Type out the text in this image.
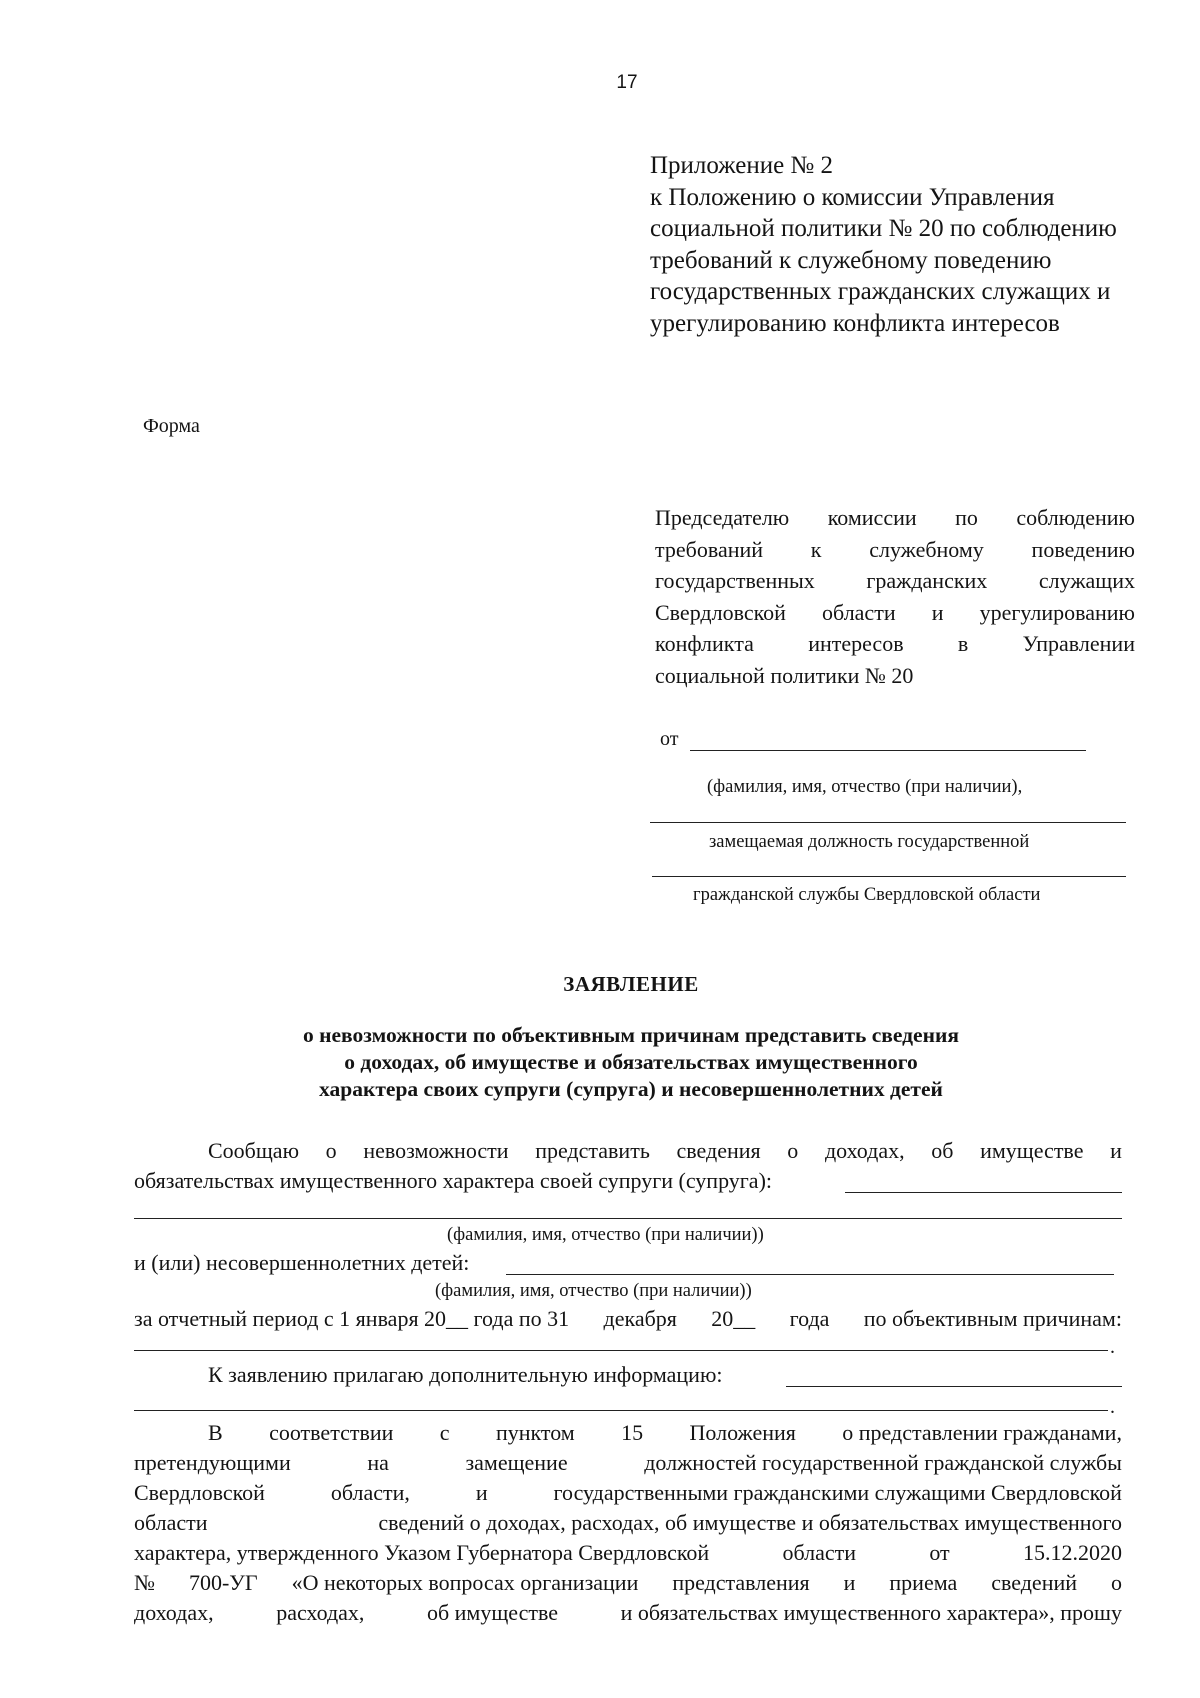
17
Приложение № 2
к Положению о комиссии Управления
социальной политики № 20 по соблюдению
требований к служебному поведению
государственных гражданских служащих и
урегулированию конфликта интересов
Форма
Председателю комиссии по соблюдению
требований к служебному поведению
государственных гражданских служащих
Свердловской области и урегулированию
конфликта интересов в Управлении
социальной политики № 20
от
(фамилия, имя, отчество (при наличии),
замещаемая должность государственной
гражданской службы Свердловской области
ЗАЯВЛЕНИЕ
о невозможности по объективным причинам представить сведения
о доходах, об имуществе и обязательствах имущественного
характера своих супруги (супруга) и несовершеннолетних детей
Сообщаю о невозможности представить сведения о доходах, об имуществе и
обязательствах имущественного характера своей супруги (супруга):
(фамилия, имя, отчество (при наличии))
и (или) несовершеннолетних детей:
(фамилия, имя, отчество (при наличии))
за отчетный период с 1 января 20__ года по 31 декабря 20__ года по объективным причинам:
.
К заявлению прилагаю дополнительную информацию:
.
В соответствии с пунктом 15 Положения о представлении гражданами,
претендующими	на	замещение	должностей государственной гражданской службы
Свердловской	области,	и	государственными гражданскими служащими Свердловской
области	сведений о доходах, расходах, об имуществе и обязательствах имущественного
характера, утвержденного Указом Губернатора Свердловской	области	от	15.12.2020
№ 700-УГ «О некоторых вопросах организации представления и приема сведений о
доходах,	расходах,	об имуществе	и обязательствах имущественного характера», прошу
